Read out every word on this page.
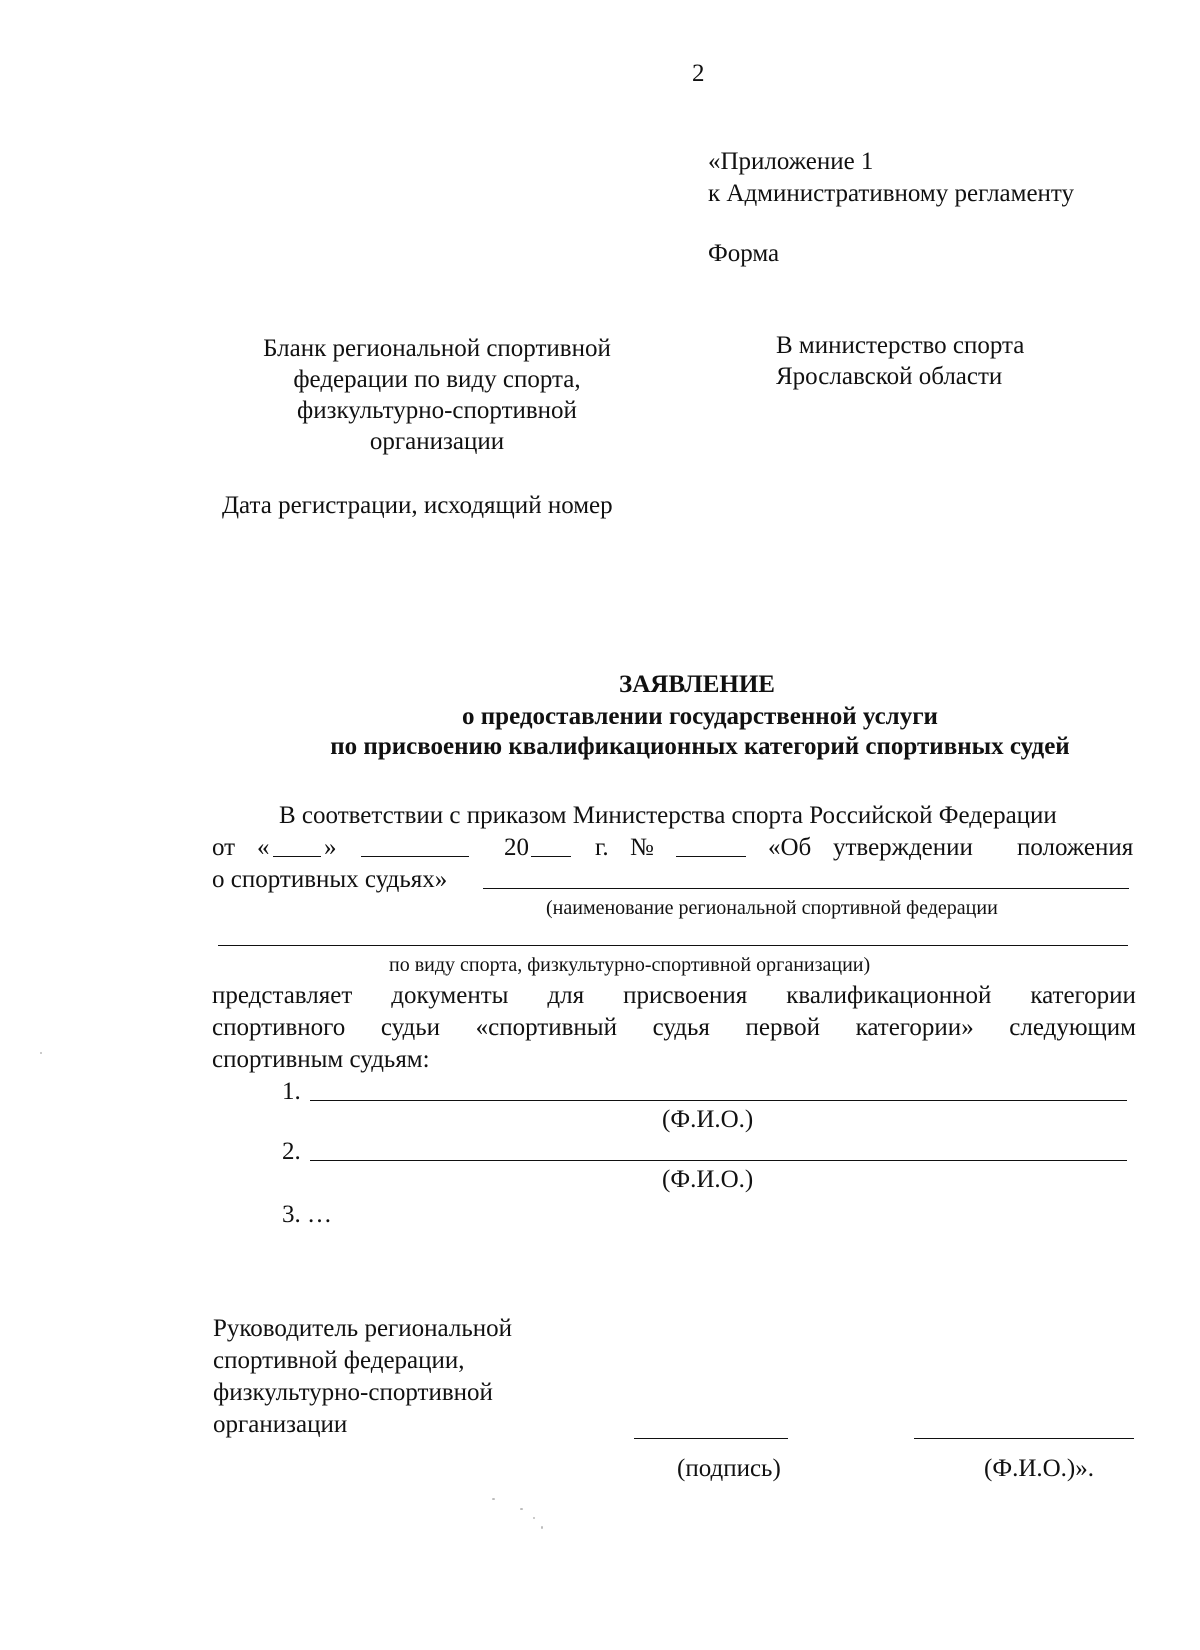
2
«Приложение 1
к Административному регламенту
Форма
Бланк региональной спортивной
федерации по виду спорта,
физкультурно-спортивной
организации
В министерство спорта
Ярославской области
Дата регистрации, исходящий номер
ЗАЯВЛЕНИЕ
о предоставлении государственной услуги
по присвоению квалификационных категорий спортивных судей
В соответствии с приказом Министерства спорта Российской Федерации
от « »	20	г. №	«Об утверждении положения
о спортивных судьях»
(наименование региональной спортивной федерации
по виду спорта, физкультурно-спортивной организации)
представляет документы для присвоения квалификационной категории
спортивного судьи «спортивный судья первой категории» следующим
спортивным судьям:
1.
(Ф.И.О.)
2.
(Ф.И.О.)
3. …
Руководитель региональной
спортивной федерации,
физкультурно-спортивной
организации
(подпись)	(Ф.И.О.)».
